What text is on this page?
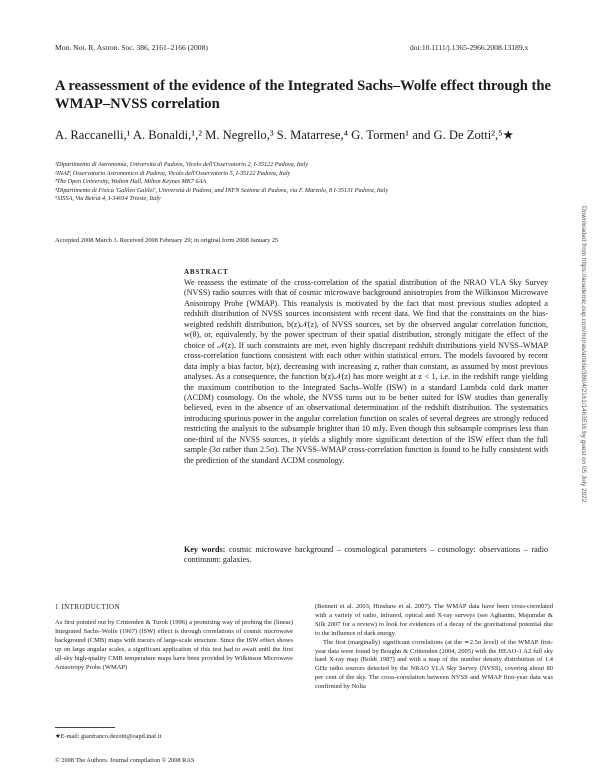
Mon. Not. R. Astron. Soc. 386, 2161–2166 (2008)	doi:10.1111/j.1365-2966.2008.13189.x
A reassessment of the evidence of the Integrated Sachs–Wolfe effect through the WMAP–NVSS correlation
A. Raccanelli,¹ A. Bonaldi,¹,² M. Negrello,³ S. Matarrese,⁴ G. Tormen¹ and G. De Zotti²,⁵★
¹Dipartimento di Astronomia, Università di Padova, Vicolo dell'Osservatorio 2, I-35122 Padova, Italy
²INAF, Osservatorio Astronomico di Padova, Vicolo dell'Osservatorio 5, I-35122 Padova, Italy
³The Open University, Walton Hall, Milton Keynes MK7 6AA
⁴Dipartimento di Fisica 'Galileo Galilei', Università di Padova, and INFN Sezione di Padova, via F. Marzolo, 8 I-35131 Padova, Italy
⁵SISSA, Via Beirut 4, I-34014 Trieste, Italy
Accepted 2008 March 3. Received 2008 February 29; in original form 2008 January 25
ABSTRACT
We reassess the estimate of the cross-correlation of the spatial distribution of the NRAO VLA Sky Survey (NVSS) radio sources with that of cosmic microwave background anisotropies from the Wilkinson Microwave Anisotropy Probe (WMAP). This reanalysis is motivated by the fact that most previous studies adopted a redshift distribution of NVSS sources inconsistent with recent data. We find that the constraints on the bias-weighted redshift distribution, b(z)𝒩(z), of NVSS sources, set by the observed angular correlation function, w(θ), or, equivalently, by the power spectrum of their spatial distribution, strongly mitigate the effect of the choice of 𝒩(z). If such constraints are met, even highly discrepant redshift distributions yield NVSS–WMAP cross-correlation functions consistent with each other within statistical errors. The models favoured by recent data imply a bias factor, b(z), decreasing with increasing z, rather than constant, as assumed by most previous analyses. As a consequence, the function b(z)𝒩(z) has more weight at z < 1, i.e. in the redshift range yielding the maximum contribution to the Integrated Sachs–Wolfe (ISW) in a standard Lambda cold dark matter (ΛCDM) cosmology. On the whole, the NVSS turns out to be better suited for ISW studies than generally believed, even in the absence of an observational determination of the redshift distribution. The systematics introducing spurious power in the angular correlation function on scales of several degrees are strongly reduced restricting the analysis to the subsample brighter than 10 mJy. Even though this subsample comprises less than one-third of the NVSS sources, it yields a slightly more significant detection of the ISW effect than the full sample (3σ rather than 2.5σ). The NVSS–WMAP cross-correlation function is found to be fully consistent with the prediction of the standard ΛCDM cosmology.
Key words: cosmic microwave background – cosmological parameters – cosmology: observations – radio continuum: galaxies.
1 INTRODUCTION
As first pointed out by Crittenden & Turok (1996) a promising way of probing the (linear) Integrated Sachs–Wolfe (1967) (ISW) effect is through correlations of cosmic microwave background (CMB) maps with tracers of large-scale structure. Since the ISW effect shows up on large angular scales, a significant application of this test had to await until the first all-sky high-quality CMB temperature maps have been provided by Wilkinson Microwave Anisotropy Probe (WMAP)

(Bennett et al. 2003; Hinshaw et al. 2007). The WMAP data have been cross-correlated with a variety of radio, infrared, optical and X-ray surveys (see Aghanim, Majumdar & Silk 2007 for a review) to look for evidences of a decay of the gravitational potential due to the influence of dark energy.

The first (marginally) significant correlations (at the ≃2.5σ level) of the WMAP first-year data were found by Boughn & Crittenden (2004, 2005) with the HEAO-1 A2 full sky hard X-ray map (Boldt 1987) and with a map of the number density distribution of 1.4 GHz radio sources detected by the NRAO VLA Sky Survey (NVSS), covering about 80 per cent of the sky. The cross-correlation between NVSS and WMAP first-year data was confirmed by Nolta

★E-mail: gianfranco.dezotti@oapd.inaf.it
© 2008 The Authors. Journal compilation © 2008 RAS
Downloaded from https://academic.oup.com/mnras/article/386/4/2161/1463516 by guest on 05 July 2022
